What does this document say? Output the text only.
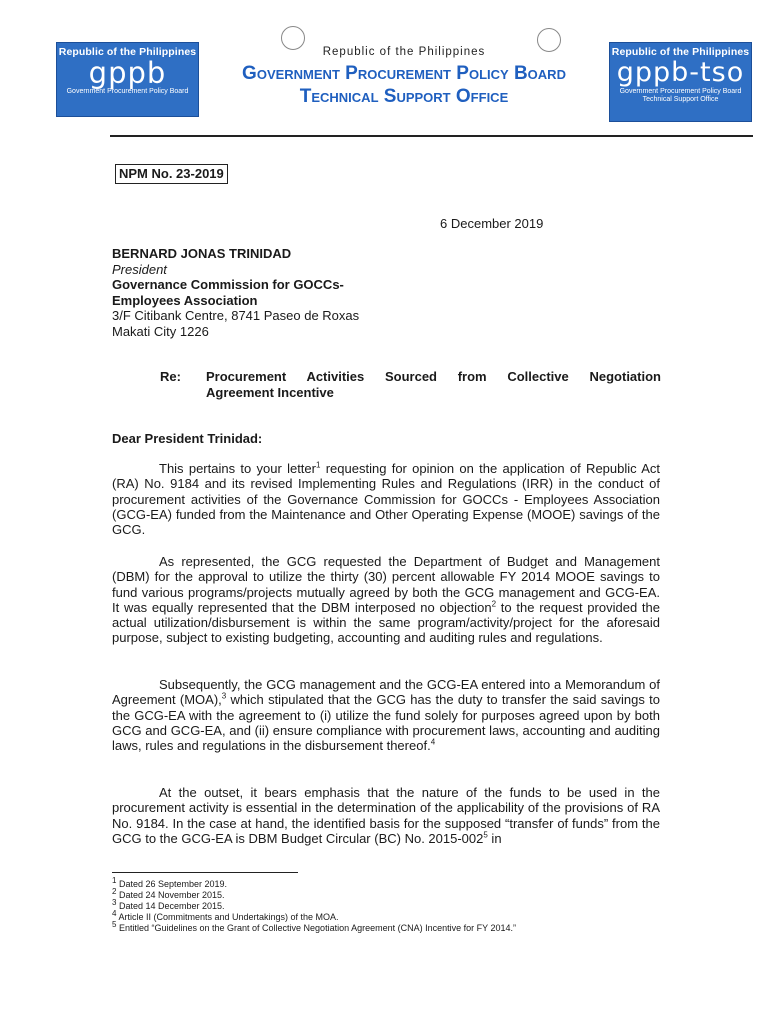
Republic of the Philippines
gppb
Government Procurement Policy Board
Republic of the Philippines
Government Procurement Policy Board
Technical Support Office
Republic of the Philippines
gppb-tso
Government Procurement Policy Board
Technical Support Office
NPM No. 23-2019
6 December 2019
BERNARD JONAS TRINIDAD
President
Governance Commission for GOCCs-
Employees Association
3/F Citibank Centre, 8741 Paseo de Roxas
Makati City 1226
Re: Procurement Activities Sourced from Collective Negotiation
Agreement Incentive
Dear President Trinidad:

This pertains to your letter$^1$ requesting for opinion on the application of Republic Act (RA) No. 9184 and its revised Implementing Rules and Regulations (IRR) in the conduct of procurement activities of the Governance Commission for GOCCs - Employees Association (GCG-EA) funded from the Maintenance and Other Operating Expense (MOOE) savings of the GCG.

As represented, the GCG requested the Department of Budget and Management (DBM) for the approval to utilize the thirty (30) percent allowable FY 2014 MOOE savings to fund various programs/projects mutually agreed by both the GCG management and GCG-EA. It was equally represented that the DBM interposed no objection$^2$ to the request provided the actual utilization/disbursement is within the same program/activity/project for the aforesaid purpose, subject to existing budgeting, accounting and auditing rules and regulations.

Subsequently, the GCG management and the GCG-EA entered into a Memorandum of Agreement (MOA),$^3$ which stipulated that the GCG has the duty to transfer the said savings to the GCG-EA with the agreement to (i) utilize the fund solely for purposes agreed upon by both GCG and GCG-EA, and (ii) ensure compliance with procurement laws, accounting and auditing laws, rules and regulations in the disbursement thereof.$^4$

At the outset, it bears emphasis that the nature of the funds to be used in the procurement activity is essential in the determination of the applicability of the provisions of RA No. 9184. In the case at hand, the identified basis for the supposed “transfer of funds” from the GCG to the GCG-EA is DBM Budget Circular (BC) No. $2015-002^5$ in

$^1$ Dated 26 September 2019.
$^2$ Dated 24 November 2015.
$^3$ Dated 14 December 2015.
$^4$ Article II (Commitments and Undertakings) of the MOA.
$^5$ Entitled “Guidelines on the Grant of Collective Negotiation Agreement (CNA) Incentive for FY 2014.”
